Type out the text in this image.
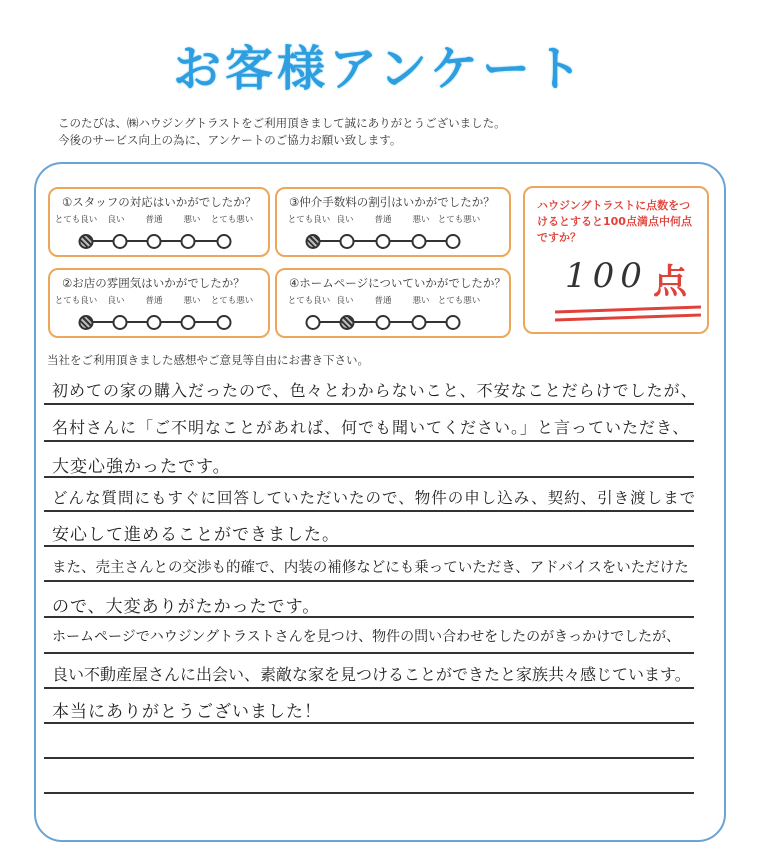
お客様アンケート
このたびは、㈱ハウジングトラストをご利用頂きまして誠にありがとうございました。
今後のサービス向上の為に、アンケートのご協力お願い致します。
①スタッフの対応はいかがでしたか？
とても良い 良い 普通 悪い とても悪い
③仲介手数料の割引はいかがでしたか？
とても良い 良い 普通 悪い とても悪い
②お店の雰囲気はいかがでしたか？
とても良い 良い 普通 悪い とても悪い
④ホームページについていかがでしたか？
とても良い 良い 普通 悪い とても悪い
ハウジングトラストに点数をつけるとすると100点満点中何点ですか？
100 点
当社をご利用頂きました感想やご意見等自由にお書き下さい。
初めての家の購入だったので、色々とわからないこと、不安なことだらけでしたが、
名村さんに「ご不明なことがあれば、何でも聞いてください。」と言っていただき、
大変心強かったです。
どんな質問にもすぐに回答していただいたので、物件の申し込み、契約、引き渡しまで
安心して進めることができました。
また、売主さんとの交渉も的確で、内装の補修などにも乗っていただき、アドバイスをいただけた
ので、大変ありがたかったです。
ホームページでハウジングトラストさんを見つけ、物件の問い合わせをしたのがきっかけでしたが、
良い不動産屋さんに出会い、素敵な家を見つけることができたと家族共々感じています。
本当にありがとうございました！
